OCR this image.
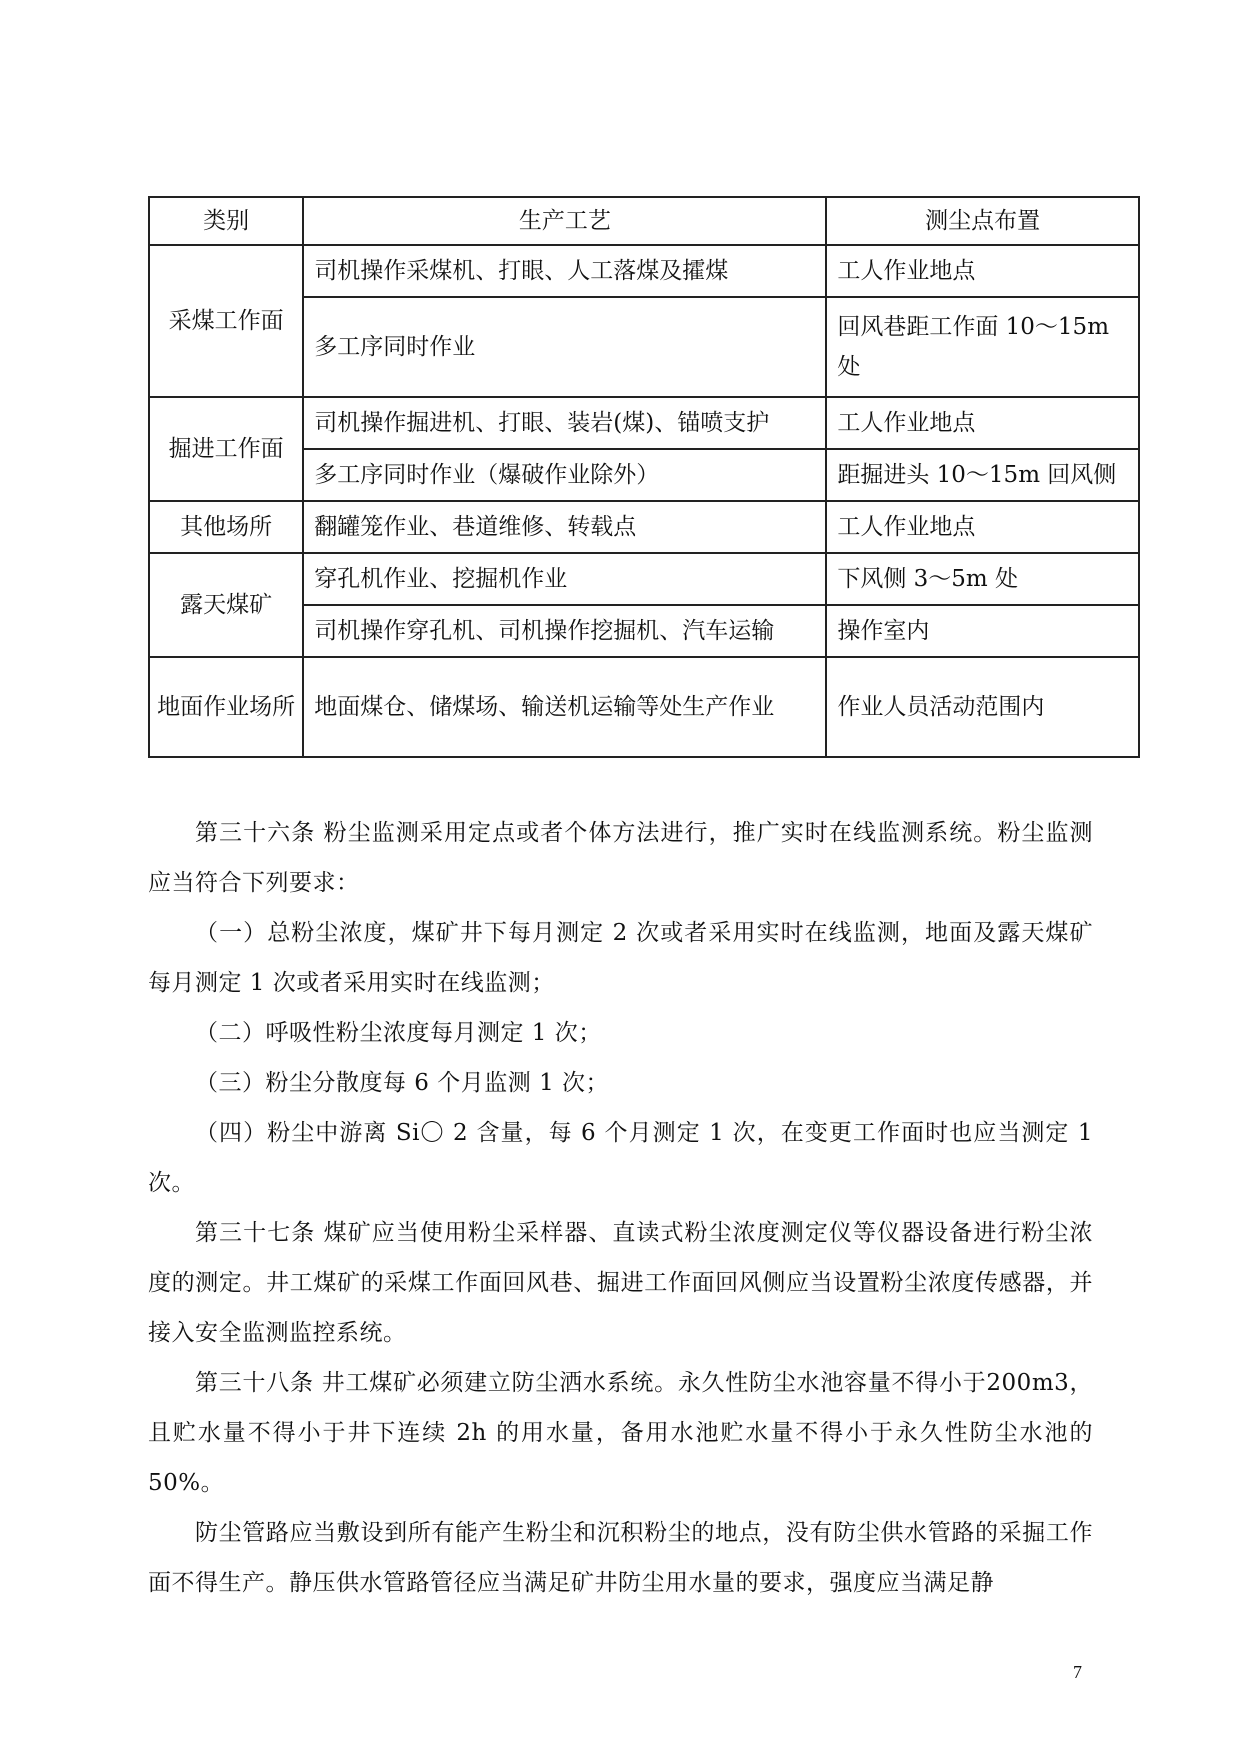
类别	生产工艺	测尘点布置
采煤工作面	司机操作采煤机、打眼、人工落煤及攉煤	工人作业地点
	多工序同时作业	回风巷距工作面 10～15m处
掘进工作面	司机操作掘进机、打眼、装岩(煤)、锚喷支护	工人作业地点
	多工序同时作业（爆破作业除外）	距掘进头 10～15m 回风侧
其他场所	翻罐笼作业、巷道维修、转载点	工人作业地点
露天煤矿	穿孔机作业、挖掘机作业	下风侧 3～5m 处
	司机操作穿孔机、司机操作挖掘机、汽车运输	操作室内
地面作业场所	地面煤仓、储煤场、输送机运输等处生产作业	作业人员活动范围内

第三十六条 粉尘监测采用定点或者个体方法进行，推广实时在线监测系统。粉尘监测应当符合下列要求：

（一）总粉尘浓度，煤矿井下每月测定 2 次或者采用实时在线监测，地面及露天煤矿每月测定 1 次或者采用实时在线监测；

（二）呼吸性粉尘浓度每月测定 1 次；

（三）粉尘分散度每 6 个月监测 1 次；

（四）粉尘中游离 Si〇 2 含量，每 6 个月测定 1 次，在变更工作面时也应当测定 1 次。

第三十七条 煤矿应当使用粉尘采样器、直读式粉尘浓度测定仪等仪器设备进行粉尘浓度的测定。井工煤矿的采煤工作面回风巷、掘进工作面回风侧应当设置粉尘浓度传感器，并接入安全监测监控系统。

第三十八条 井工煤矿必须建立防尘洒水系统。永久性防尘水池容量不得小于200m3，且贮水量不得小于井下连续 2h 的用水量，备用水池贮水量不得小于永久性防尘水池的 50%。

防尘管路应当敷设到所有能产生粉尘和沉积粉尘的地点，没有防尘供水管路的采掘工作面不得生产。静压供水管路管径应当满足矿井防尘用水量的要求，强度应当满足静

7
